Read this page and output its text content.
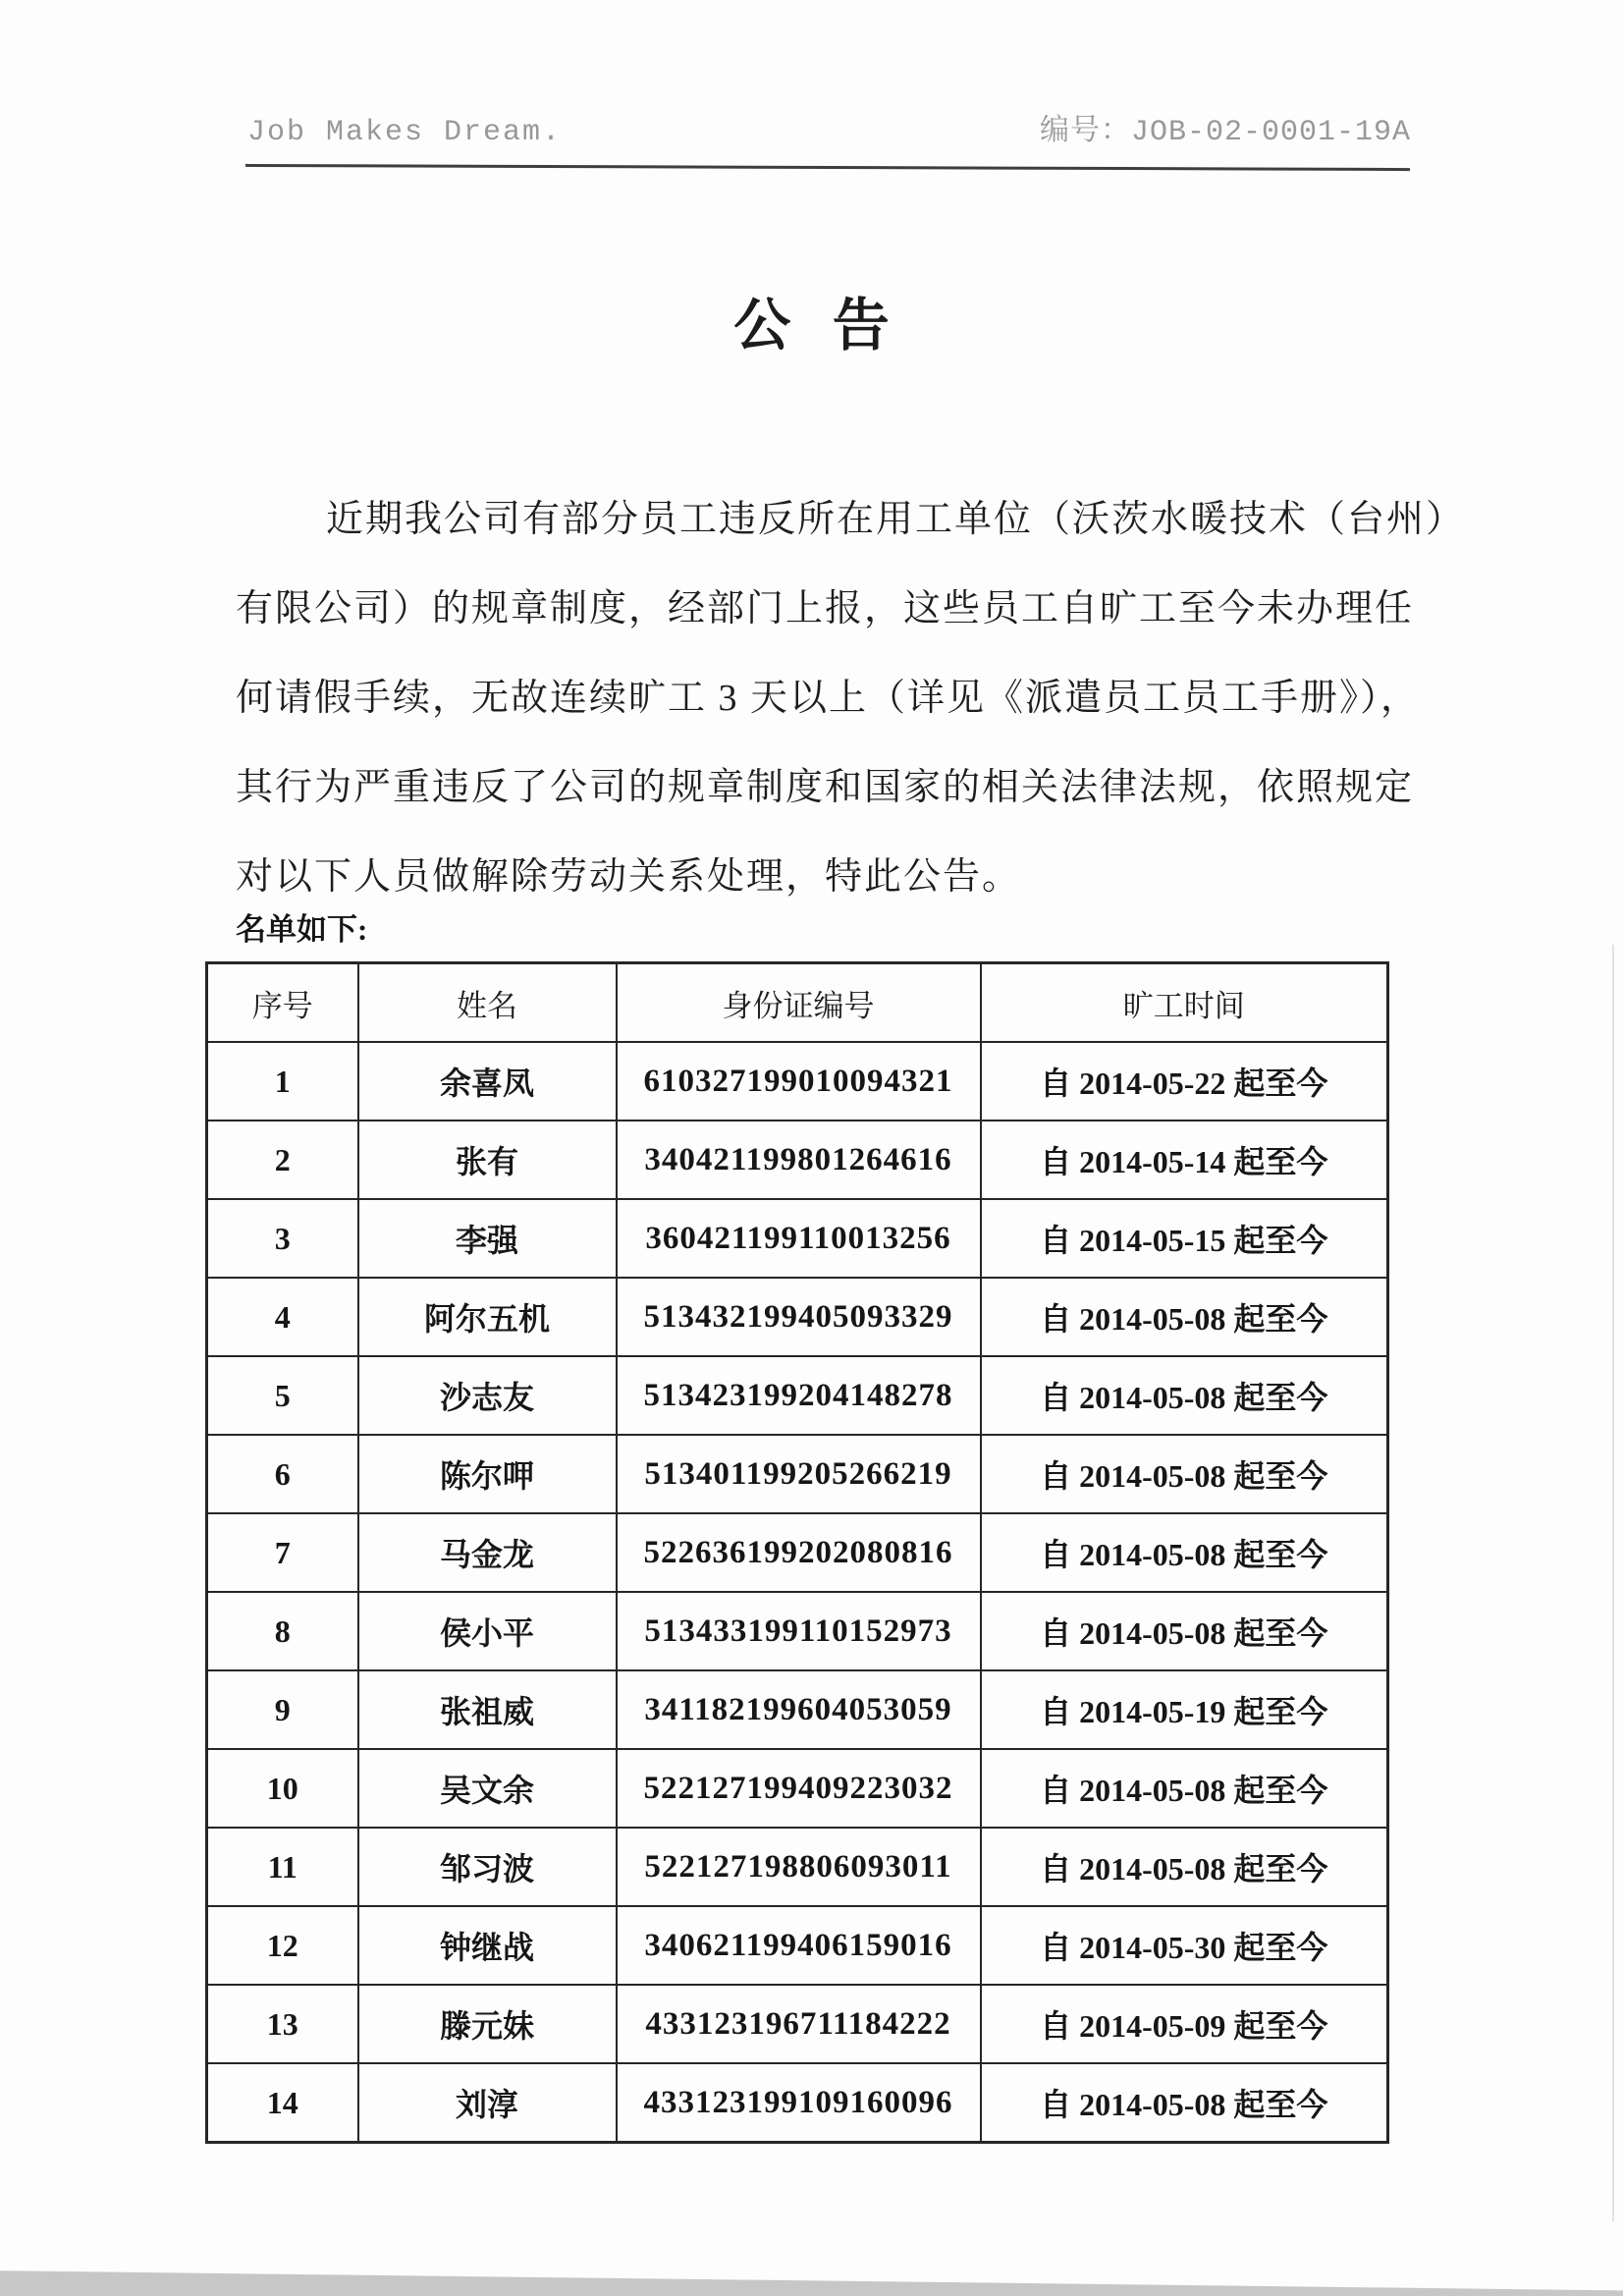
Job Makes Dream.	编号：JOB-02-0001-19A
公 告
近期我公司有部分员工违反所在用工单位（沃茨水暖技术（台州）
有限公司）的规章制度，经部门上报，这些员工自旷工至今未办理任
何请假手续，无故连续旷工 3 天以上（详见《派遣员工员工手册》），
其行为严重违反了公司的规章制度和国家的相关法律法规，依照规定
对以下人员做解除劳动关系处理，特此公告。
名单如下:
序号	姓名	身份证编号	旷工时间
1	余喜凤	610327199010094321	自 2014-05-22 起至今
2	张有	340421199801264616	自 2014-05-14 起至今
3	李强	360421199110013256	自 2014-05-15 起至今
4	阿尔五机	513432199405093329	自 2014-05-08 起至今
5	沙志友	513423199204148278	自 2014-05-08 起至今
6	陈尔呷	513401199205266219	自 2014-05-08 起至今
7	马金龙	522636199202080816	自 2014-05-08 起至今
8	侯小平	513433199110152973	自 2014-05-08 起至今
9	张祖威	341182199604053059	自 2014-05-19 起至今
10	吴文余	522127199409223032	自 2014-05-08 起至今
11	邹习波	522127198806093011	自 2014-05-08 起至今
12	钟继战	340621199406159016	自 2014-05-30 起至今
13	滕元妹	433123196711184222	自 2014-05-09 起至今
14	刘淳	433123199109160096	自 2014-05-08 起至今
